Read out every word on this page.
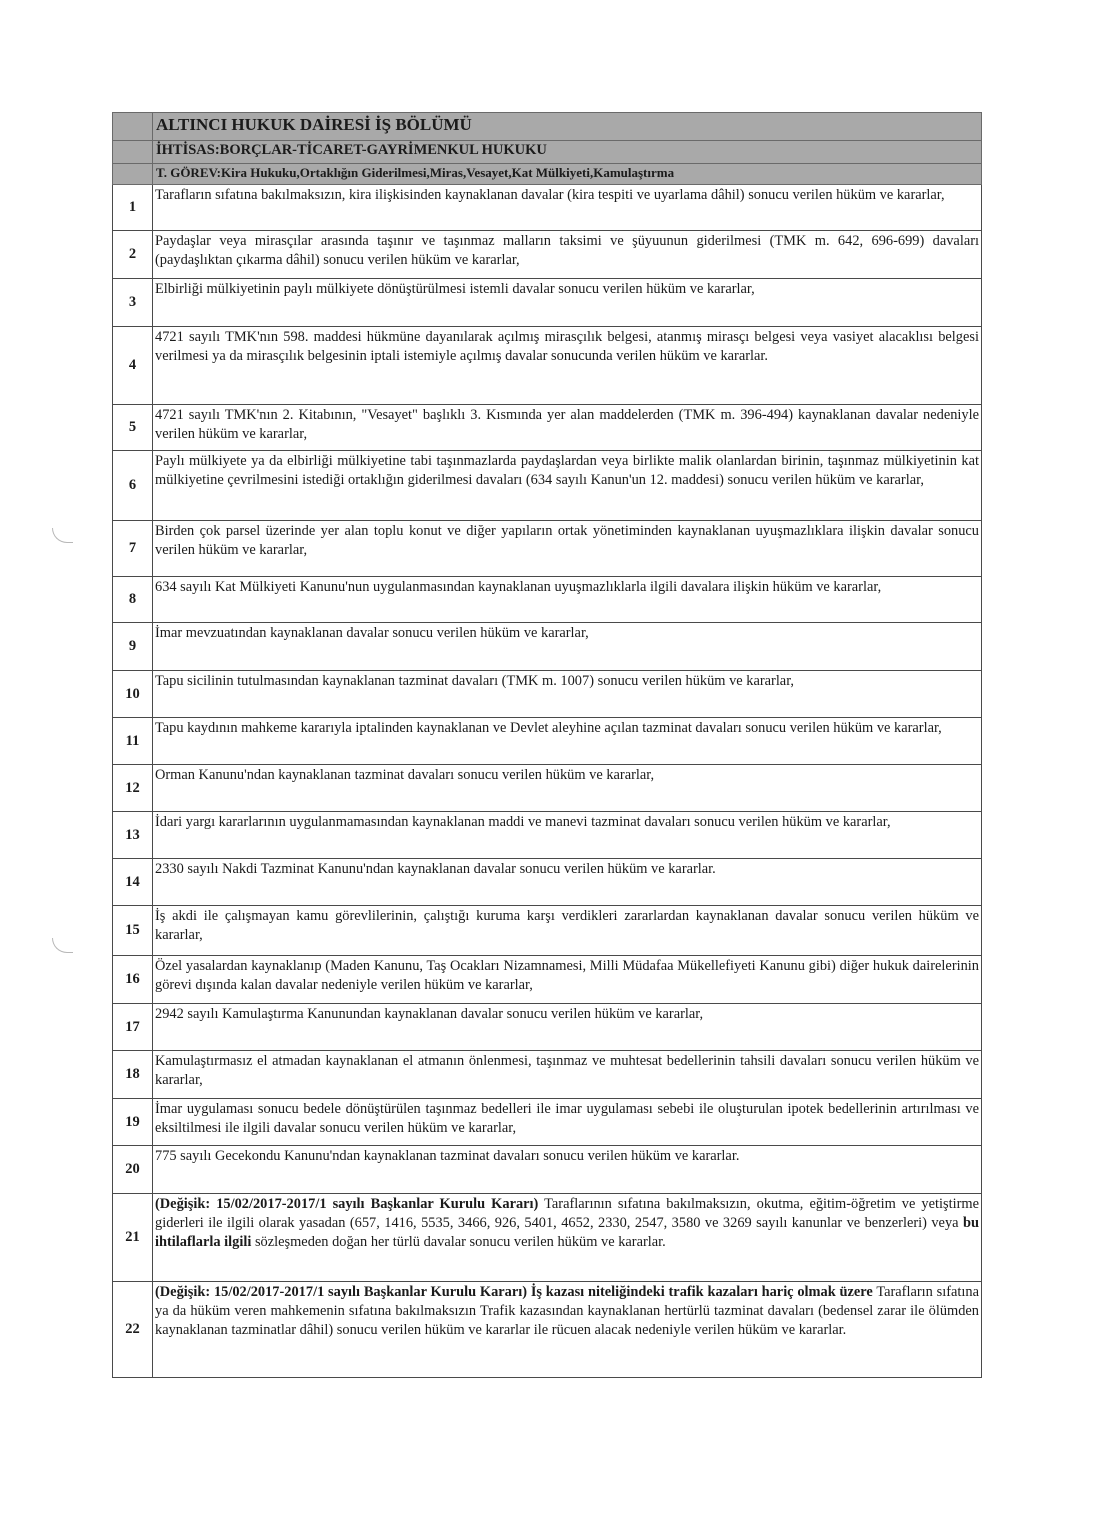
	ALTINCI HUKUK DAİRESİ İŞ BÖLÜMÜ
	İHTİSAS:BORÇLAR-TİCARET-GAYRİMENKUL HUKUKU
	T. GÖREV:Kira Hukuku,Ortaklığın Giderilmesi,Miras,Vesayet,Kat Mülkiyeti,Kamulaştırma
1	Tarafların sıfatına bakılmaksızın, kira ilişkisinden kaynaklanan davalar (kira tespiti ve uyarlama dâhil) sonucu verilen hüküm ve kararlar,
2	Paydaşlar veya mirasçılar arasında taşınır ve taşınmaz malların taksimi ve şüyuunun giderilmesi (TMK m. 642, 696-699) davaları (paydaşlıktan çıkarma dâhil) sonucu verilen hüküm ve kararlar,
3	Elbirliği mülkiyetinin paylı mülkiyete dönüştürülmesi istemli davalar sonucu verilen hüküm ve kararlar,
4	4721 sayılı TMK'nın 598. maddesi hükmüne dayanılarak açılmış mirasçılık belgesi, atanmış mirasçı belgesi veya vasiyet alacaklısı belgesi verilmesi ya da mirasçılık belgesinin iptali istemiyle açılmış davalar sonucunda verilen hüküm ve kararlar.
5	4721 sayılı TMK'nın 2. Kitabının, "Vesayet" başlıklı 3. Kısmında yer alan maddelerden (TMK m. 396-494) kaynaklanan davalar nedeniyle verilen hüküm ve kararlar,
6	Paylı mülkiyete ya da elbirliği mülkiyetine tabi taşınmazlarda paydaşlardan veya birlikte malik olanlardan birinin, taşınmaz mülkiyetinin kat mülkiyetine çevrilmesini istediği ortaklığın giderilmesi davaları (634 sayılı Kanun'un 12. maddesi) sonucu verilen hüküm ve kararlar,
7	Birden çok parsel üzerinde yer alan toplu konut ve diğer yapıların ortak yönetiminden kaynaklanan uyuşmazlıklara ilişkin davalar sonucu verilen hüküm ve kararlar,
8	634 sayılı Kat Mülkiyeti Kanunu'nun uygulanmasından kaynaklanan uyuşmazlıklarla ilgili davalara ilişkin hüküm ve kararlar,
9	İmar mevzuatından kaynaklanan davalar sonucu verilen hüküm ve kararlar,
10	Tapu sicilinin tutulmasından kaynaklanan tazminat davaları (TMK m. 1007) sonucu verilen hüküm ve kararlar,
11	Tapu kaydının mahkeme kararıyla iptalinden kaynaklanan ve Devlet aleyhine açılan tazminat davaları sonucu verilen hüküm ve kararlar,
12	Orman Kanunu'ndan kaynaklanan tazminat davaları sonucu verilen hüküm ve kararlar,
13	İdari yargı kararlarının uygulanmamasından kaynaklanan maddi ve manevi tazminat davaları sonucu verilen hüküm ve kararlar,
14	2330 sayılı Nakdi Tazminat Kanunu'ndan kaynaklanan davalar sonucu verilen hüküm ve kararlar.
15	İş akdi ile çalışmayan kamu görevlilerinin, çalıştığı kuruma karşı verdikleri zararlardan kaynaklanan davalar sonucu verilen hüküm ve kararlar,
16	Özel yasalardan kaynaklanıp (Maden Kanunu, Taş Ocakları Nizamnamesi, Milli Müdafaa Mükellefiyeti Kanunu gibi) diğer hukuk dairelerinin görevi dışında kalan davalar nedeniyle verilen hüküm ve kararlar,
17	2942 sayılı Kamulaştırma Kanunundan kaynaklanan davalar sonucu verilen hüküm ve kararlar,
18	Kamulaştırmasız el atmadan kaynaklanan el atmanın önlenmesi, taşınmaz ve muhtesat bedellerinin tahsili davaları sonucu verilen hüküm ve kararlar,
19	İmar uygulaması sonucu bedele dönüştürülen taşınmaz bedelleri ile imar uygulaması sebebi ile oluşturulan ipotek bedellerinin artırılması ve eksiltilmesi ile ilgili davalar sonucu verilen hüküm ve kararlar,
20	775 sayılı Gecekondu Kanunu'ndan kaynaklanan tazminat davaları sonucu verilen hüküm ve kararlar.
21	(Değişik: 15/02/2017-2017/1 sayılı Başkanlar Kurulu Kararı) Taraflarının sıfatına bakılmaksızın, okutma, eğitim-öğretim ve yetiştirme giderleri ile ilgili olarak yasadan (657, 1416, 5535, 3466, 926, 5401, 4652, 2330, 2547, 3580 ve 3269 sayılı kanunlar ve benzerleri) veya bu ihtilaflarla ilgili sözleşmeden doğan her türlü davalar sonucu verilen hüküm ve kararlar.
22	(Değişik: 15/02/2017-2017/1 sayılı Başkanlar Kurulu Kararı) İş kazası niteliğindeki trafik kazaları hariç olmak üzere Tarafların sıfatına ya da hüküm veren mahkemenin sıfatına bakılmaksızın Trafik kazasından kaynaklanan hertürlü tazminat davaları (bedensel zarar ile ölümden kaynaklanan tazminatlar dâhil) sonucu verilen hüküm ve kararlar ile rücuen alacak nedeniyle verilen hüküm ve kararlar.
